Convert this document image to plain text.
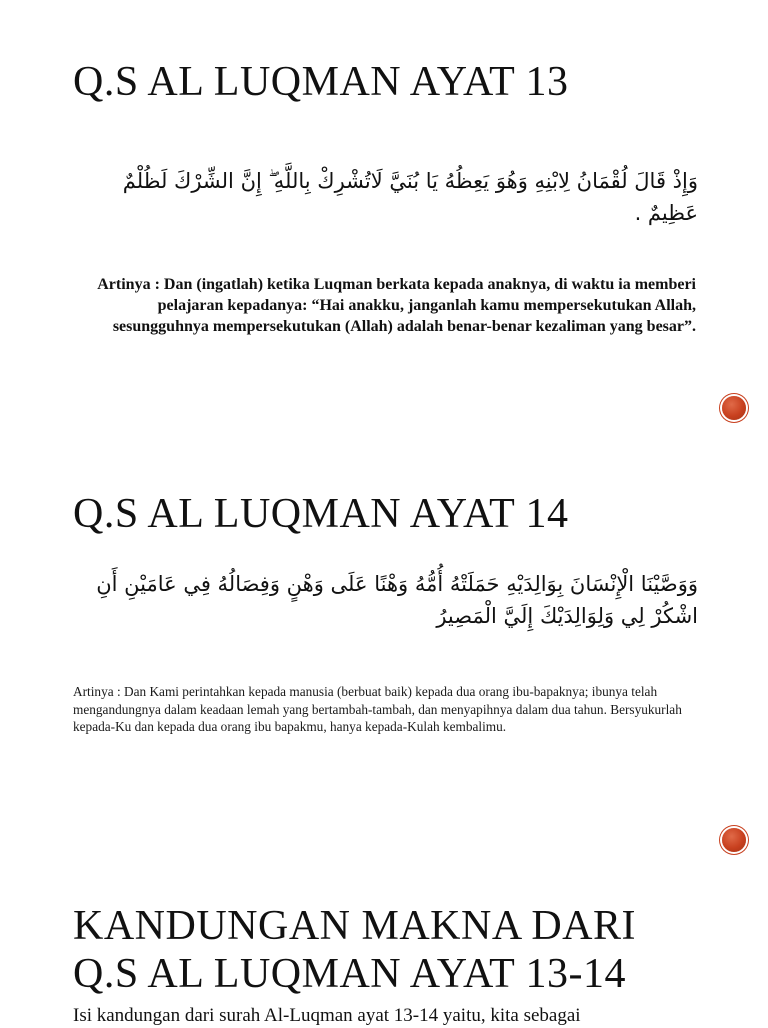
Q.S AL LUQMAN AYAT 13

وَإِذْ قَالَ لُقْمَانُ لِابْنِهِ وَهُوَ يَعِظُهُ يَا بُنَيَّ لَاتُشْرِكْ بِاللَّهِ ۖ إِنَّ الشِّرْكَ لَظُلْمٌ عَظِيمٌ .

Artinya : Dan (ingatlah) ketika Luqman berkata kepada anaknya, di waktu ia memberi pelajaran kepadanya: “Hai anakku, janganlah kamu mempersekutukan Allah, sesungguhnya mempersekutukan (Allah) adalah benar-benar kezaliman yang besar”.

Q.S AL LUQMAN AYAT 14

وَوَصَّيْنَا الْإِنْسَانَ بِوَالِدَيْهِ حَمَلَتْهُ أُمُّهُ وَهْنًا عَلَى وَهْنٍ وَفِصَالُهُ فِي عَامَيْنِ أَنِ اشْكُرْ لِي وَلِوَالِدَيْكَ إِلَيَّ الْمَصِيرُ

Artinya : Dan Kami perintahkan kepada manusia (berbuat baik) kepada dua orang ibu-bapaknya; ibunya telah mengandungnya dalam keadaan lemah yang bertambah-tambah, dan menyapihnya dalam dua tahun. Bersyukurlah kepada-Ku dan kepada dua orang ibu bapakmu, hanya kepada-Kulah kembalimu.

KANDUNGAN MAKNA DARI
Q.S AL LUQMAN AYAT 13-14

Isi kandungan dari surah Al-Luqman ayat 13-14 yaitu, kita sebagai
